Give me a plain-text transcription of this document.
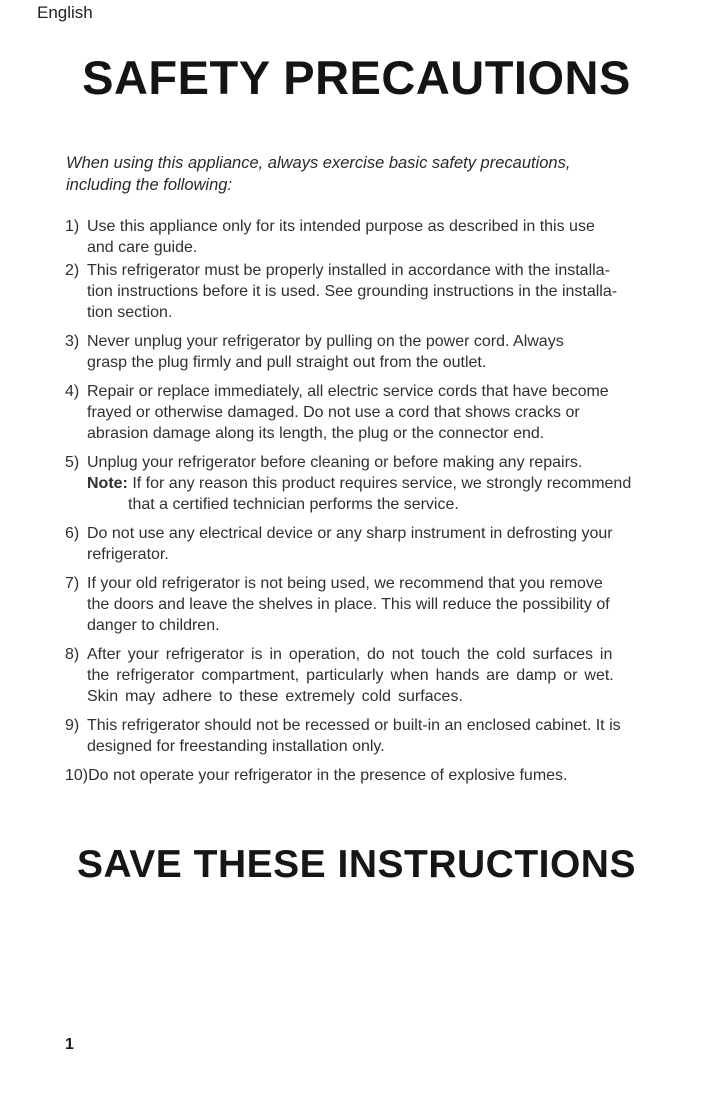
English
SAFETY PRECAUTIONS
When using this appliance, always exercise basic safety precautions,
including the following:
1) Use this appliance only for its intended purpose as described in this use
and care guide.
2) This refrigerator must be properly installed in accordance with the installa-
tion instructions before it is used. See grounding instructions in the installa-
tion section.
3) Never unplug your refrigerator by pulling on the power cord. Always
grasp the plug firmly and pull straight out from the outlet.
4) Repair or replace immediately, all electric service cords that have become
frayed or otherwise damaged. Do not use a cord that shows cracks or
abrasion damage along its length, the plug or the connector end.
5) Unplug your refrigerator before cleaning or before making any repairs.
Note: If for any reason this product requires service, we strongly recommend
that a certified technician performs the service.
6) Do not use any electrical device or any sharp instrument in defrosting your
refrigerator.
7) If your old refrigerator is not being used, we recommend that you remove
the doors and leave the shelves in place. This will reduce the possibility of
danger to children.
8) After your refrigerator is in operation, do not touch the cold surfaces in
the refrigerator compartment, particularly when hands are damp or wet.
Skin may adhere to these extremely cold surfaces.
9) This refrigerator should not be recessed or built-in an enclosed cabinet. It is
designed for freestanding installation only.
10) Do not operate your refrigerator in the presence of explosive fumes.
SAVE THESE INSTRUCTIONS
1
